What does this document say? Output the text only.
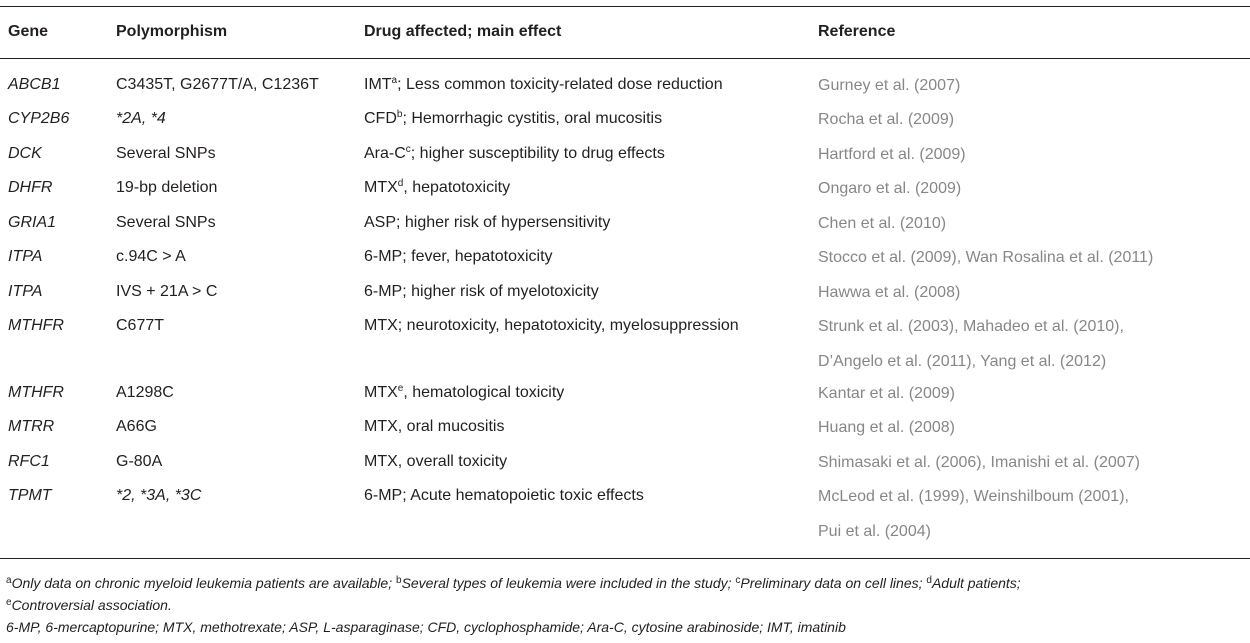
Gene	Polymorphism	Drug affected; main effect	Reference
ABCB1	C3435T, G2677T/A, C1236T	IMT$^a$; Less common toxicity-related dose reduction	Gurney et al. (2007)
CYP2B6	*2A, *4	CFD$^b$; Hemorrhagic cystitis, oral mucositis	Rocha et al. (2009)
DCK	Several SNPs	Ara-$C^c$; higher susceptibility to drug effects	Hartford et al. (2009)
DHFR	19-bp deletion	MTX$^d$, hepatotoxicity	Ongaro et al. (2009)
GRIA1	Several SNPs	ASP; higher risk of hypersensitivity	Chen et al. (2010)
ITPA	c.94C > A	6-MP; fever, hepatotoxicity	Stocco et al. (2009), Wan Rosalina et al. (2011)
ITPA	IVS + 21A > C	6-MP; higher risk of myelotoxicity	Hawwa et al. (2008)
MTHFR	C677T	MTX; neurotoxicity, hepatotoxicity, myelosuppression	Strunk et al. (2003), Mahadeo et al. (2010),
D’Angelo et al. (2011), Yang et al. (2012)
MTHFR	A1298C	MTX$^e$, hematological toxicity	Kantar et al. (2009)
MTRR	A66G	MTX, oral mucositis	Huang et al. (2008)
RFC1	G-80A	MTX, overall toxicity	Shimasaki et al. (2006), Imanishi et al. (2007)
TPMT	*2, *3A, *3C	6-MP; Acute hematopoietic toxic effects	McLeod et al. (1999), Weinshilboum (2001),
Pui et al. (2004)
$^a$Only data on chronic myeloid leukemia patients are available; $^b$Several types of leukemia were included in the study; $^c$Preliminary data on cell lines; $^d$Adult patients;
$^e$Controversial association.
6-MP, 6-mercaptopurine; MTX, methotrexate; ASP, L-asparaginase; CFD, cyclophosphamide; Ara-C, cytosine arabinoside; IMT, imatinib
